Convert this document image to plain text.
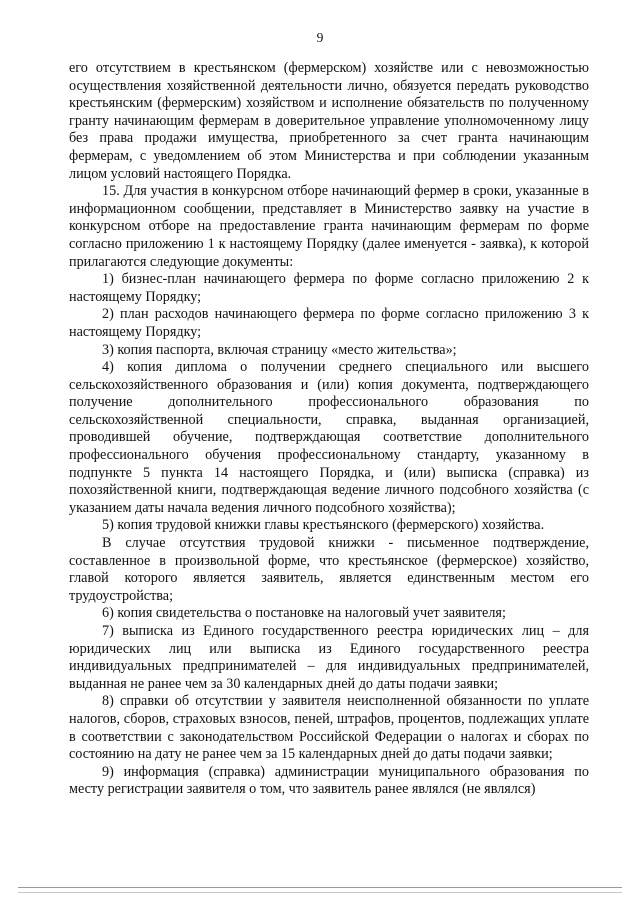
9

его отсутствием в крестьянском (фермерском) хозяйстве или с невозможностью осуществления хозяйственной деятельности лично, обязуется передать руководство крестьянским (фермерским) хозяйством и исполнение обязательств по полученному гранту начинающим фермерам в доверительное управление уполномоченному лицу без права продажи имущества, приобретенного за счет гранта начинающим фермерам, с уведомлением об этом Министерства и при соблюдении указанным лицом условий настоящего Порядка.

15. Для участия в конкурсном отборе начинающий фермер в сроки, указанные в информационном сообщении, представляет в Министерство заявку на участие в конкурсном отборе на предоставление гранта начинающим фермерам по форме согласно приложению 1 к настоящему Порядку (далее именуется - заявка), к которой прилагаются следующие документы:

1) бизнес-план начинающего фермера по форме согласно приложению 2 к настоящему Порядку;

2) план расходов начинающего фермера по форме согласно приложению 3 к настоящему Порядку;

3) копия паспорта, включая страницу «место жительства»;

4) копия диплома о получении среднего специального или высшего сельскохозяйственного образования и (или) копия документа, подтверждающего получение дополнительного профессионального образования по сельскохозяйственной специальности, справка, выданная организацией, проводившей обучение, подтверждающая соответствие дополнительного профессионального обучения профессиональному стандарту, указанному в подпункте 5 пункта 14 настоящего Порядка, и (или) выписка (справка) из похозяйственной книги, подтверждающая ведение личного подсобного хозяйства (с указанием даты начала ведения личного подсобного хозяйства);

5) копия трудовой книжки главы крестьянского (фермерского) хозяйства.

В случае отсутствия трудовой книжки - письменное подтверждение, составленное в произвольной форме, что крестьянское (фермерское) хозяйство, главой которого является заявитель, является единственным местом его трудоустройства;

6) копия свидетельства о постановке на налоговый учет заявителя;

7) выписка из Единого государственного реестра юридических лиц – для юридических лиц или выписка из Единого государственного реестра индивидуальных предпринимателей – для индивидуальных предпринимателей, выданная не ранее чем за 30 календарных дней до даты подачи заявки;

8) справки об отсутствии у заявителя неисполненной обязанности по уплате налогов, сборов, страховых взносов, пеней, штрафов, процентов, подлежащих уплате в соответствии с законодательством Российской Федерации о налогах и сборах по состоянию на дату не ранее чем за 15 календарных дней до даты подачи заявки;

9) информация (справка) администрации муниципального образования по месту регистрации заявителя о том, что заявитель ранее являлся (не являлся)
